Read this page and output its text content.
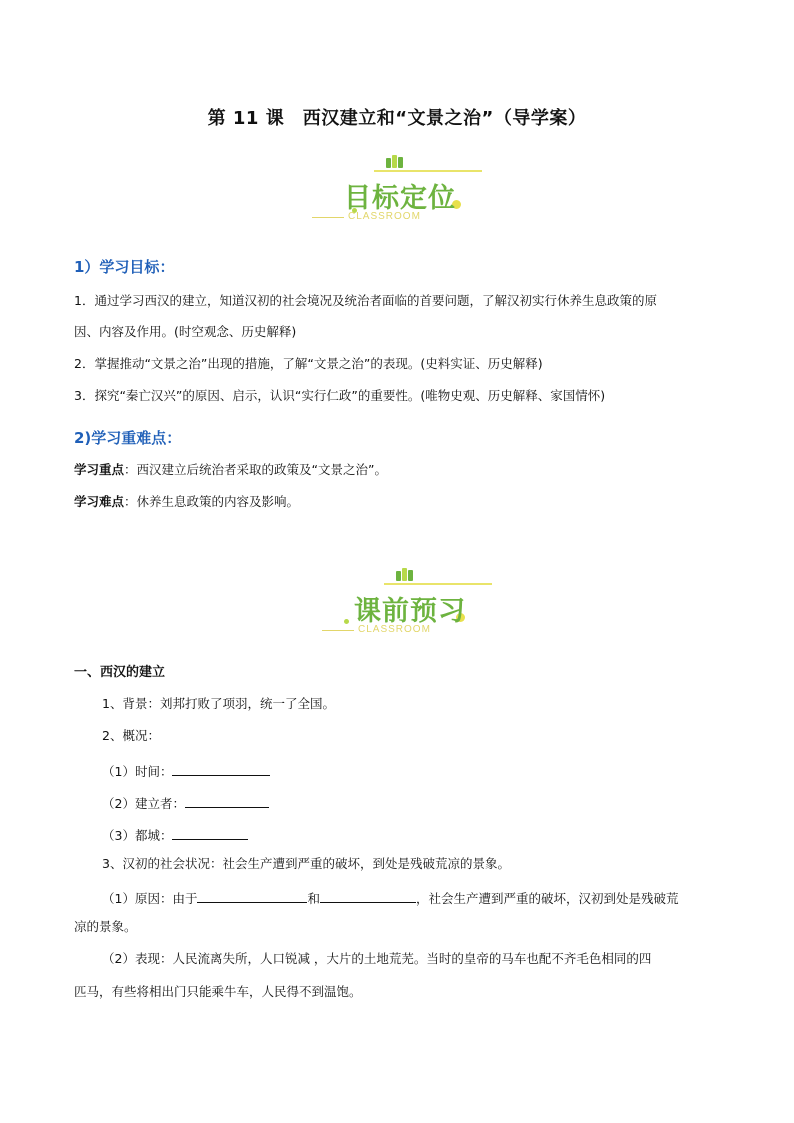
第 11 课　西汉建立和“文景之治”（导学案）
目标定位
CLASSROOM
1）学习目标：
1．通过学习西汉的建立，知道汉初的社会境况及统治者面临的首要问题，了解汉初实行休养生息政策的原
因、内容及作用。(时空观念、历史解释)
2．掌握推动“文景之治”出现的措施，了解“文景之治”的表现。(史料实证、历史解释)
3．探究“秦亡汉兴”的原因、启示，认识“实行仁政”的重要性。(唯物史观、历史解释、家国情怀)
2)学习重难点：
学习重点：西汉建立后统治者采取的政策及“文景之治”。
学习难点：休养生息政策的内容及影响。
课前预习
CLASSROOM
一、西汉的建立
1、背景：刘邦打败了项羽，统一了全国。
2、概况：
（1）时间：
（2）建立者：
（3）都城：
3、汉初的社会状况：社会生产遭到严重的破坏，到处是残破荒凉的景象。
（1）原因：由于	和	，社会生产遭到严重的破坏，汉初到处是残破荒
凉的景象。
（2）表现：人民流离失所，人口锐减 ，大片的土地荒芜。当时的皇帝的马车也配不齐毛色相同的四
匹马，有些将相出门只能乘牛车，人民得不到温饱。
